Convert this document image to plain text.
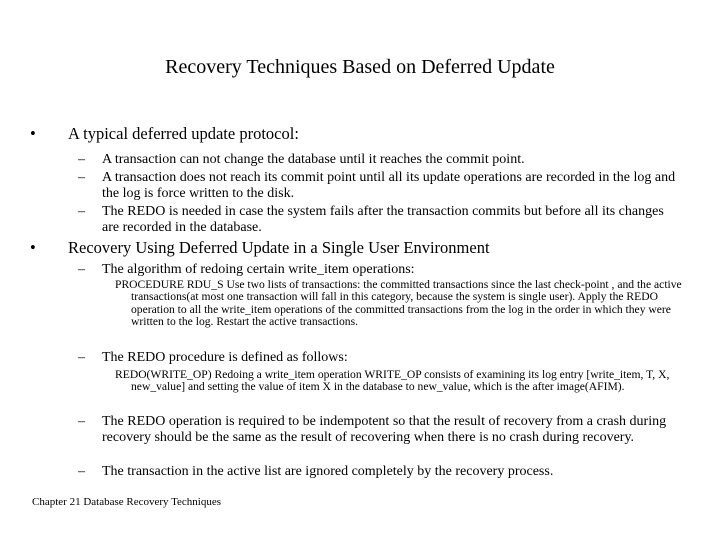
Recovery Techniques Based on Deferred Update
• A typical deferred update protocol:
– A transaction can not change the database until it reaches the commit point.
– A transaction does not reach its commit point until all its update operations are recorded in the log and the log is force written to the disk.
– The REDO is needed in case the system fails after the transaction commits but before all its changes are recorded in the database.
• Recovery Using Deferred Update in a Single User Environment
– The algorithm of redoing certain write_item operations:
PROCEDURE RDU_S Use two lists of transactions: the committed transactions since the last check-point , and the active transactions(at most one transaction will fall in this category, because the system is single user). Apply the REDO operation to all the write_item operations of the committed transactions from the log in the order in which they were written to the log. Restart the active transactions.
– The REDO procedure is defined as follows:
REDO(WRITE_OP) Redoing a write_item operation WRITE_OP consists of examining its log entry [write_item, T, X, new_value] and setting the value of item X in the database to new_value, which is the after image(AFIM).
– The REDO operation is required to be indempotent so that the result of recovery from a crash during recovery should be the same as the result of recovering when there is no crash during recovery.
– The transaction in the active list are ignored completely by the recovery process.
Chapter 21 Database Recovery Techniques
